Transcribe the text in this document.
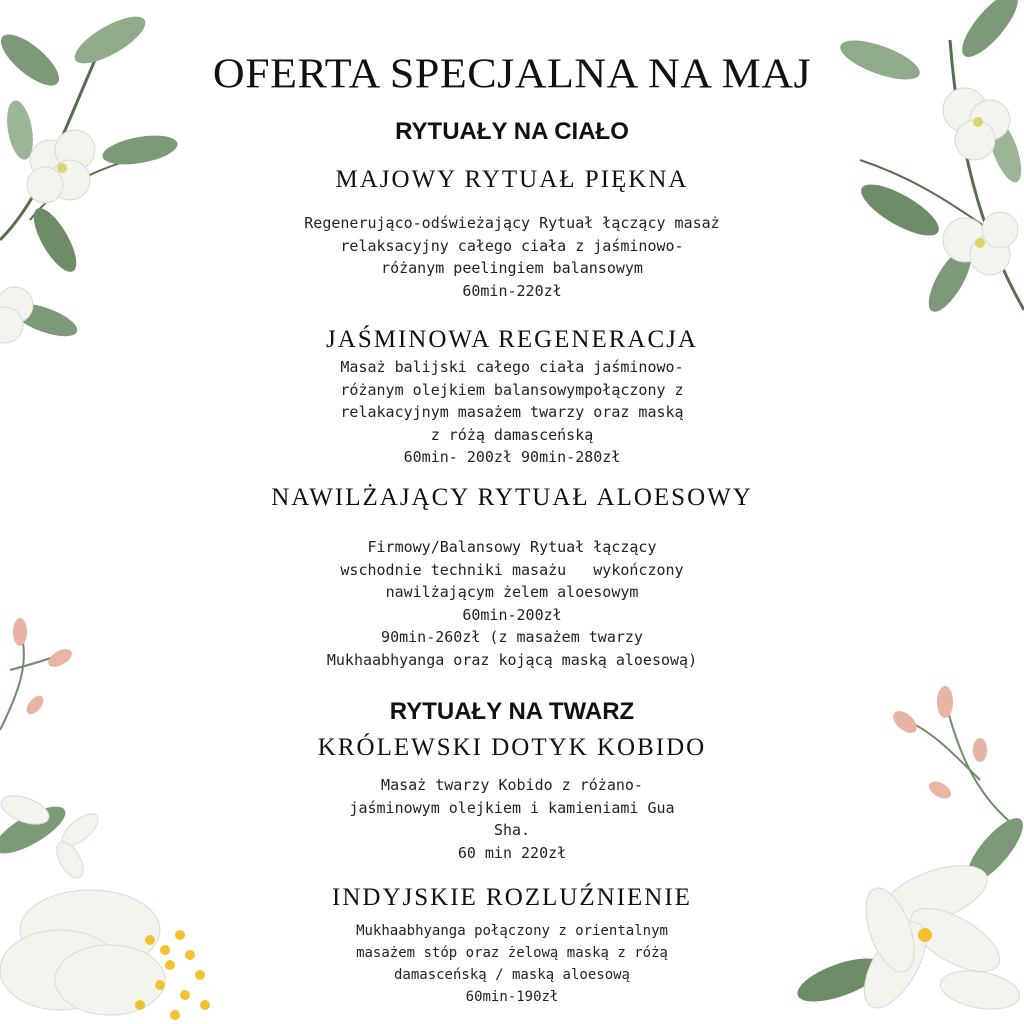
OFERTA SPECJALNA NA MAJ
RYTUAŁY NA CIAŁO
MAJOWY RYTUAŁ PIĘKNA
Regenerująco-odświeżający Rytuał łączący masaż
relaksacyjny całego ciała z jaśminowo-
różanym peelingiem balansowym
60min-220zł
JAŚMINOWA REGENERACJA
Masaż balijski całego ciała jaśminowo-
różanym olejkiem balansowympołączony z
relakacyjnym masażem twarzy oraz maską
z różą damasceńską
60min- 200zł 90min-280zł
NAWILŻAJĄCY RYTUAŁ ALOESOWY
Firmowy/Balansowy Rytuał łączący
wschodnie techniki masażu   wykończony
nawilżającym żelem aloesowym
60min-200zł
90min-260zł (z masażem twarzy
Mukhaabhyanga oraz kojącą maską aloesową)
RYTUAŁY NA TWARZ
KRÓLEWSKI DOTYK KOBIDO
Masaż twarzy Kobido z różano-
jaśminowym olejkiem i kamieniami Gua
Sha.
60 min 220zł
INDYJSKIE ROZLUŹNIENIE
Mukhaabhyanga połączony z orientalnym
masażem stóp oraz żelową maską z różą
damasceńską / maską aloesową
60min-190zł
